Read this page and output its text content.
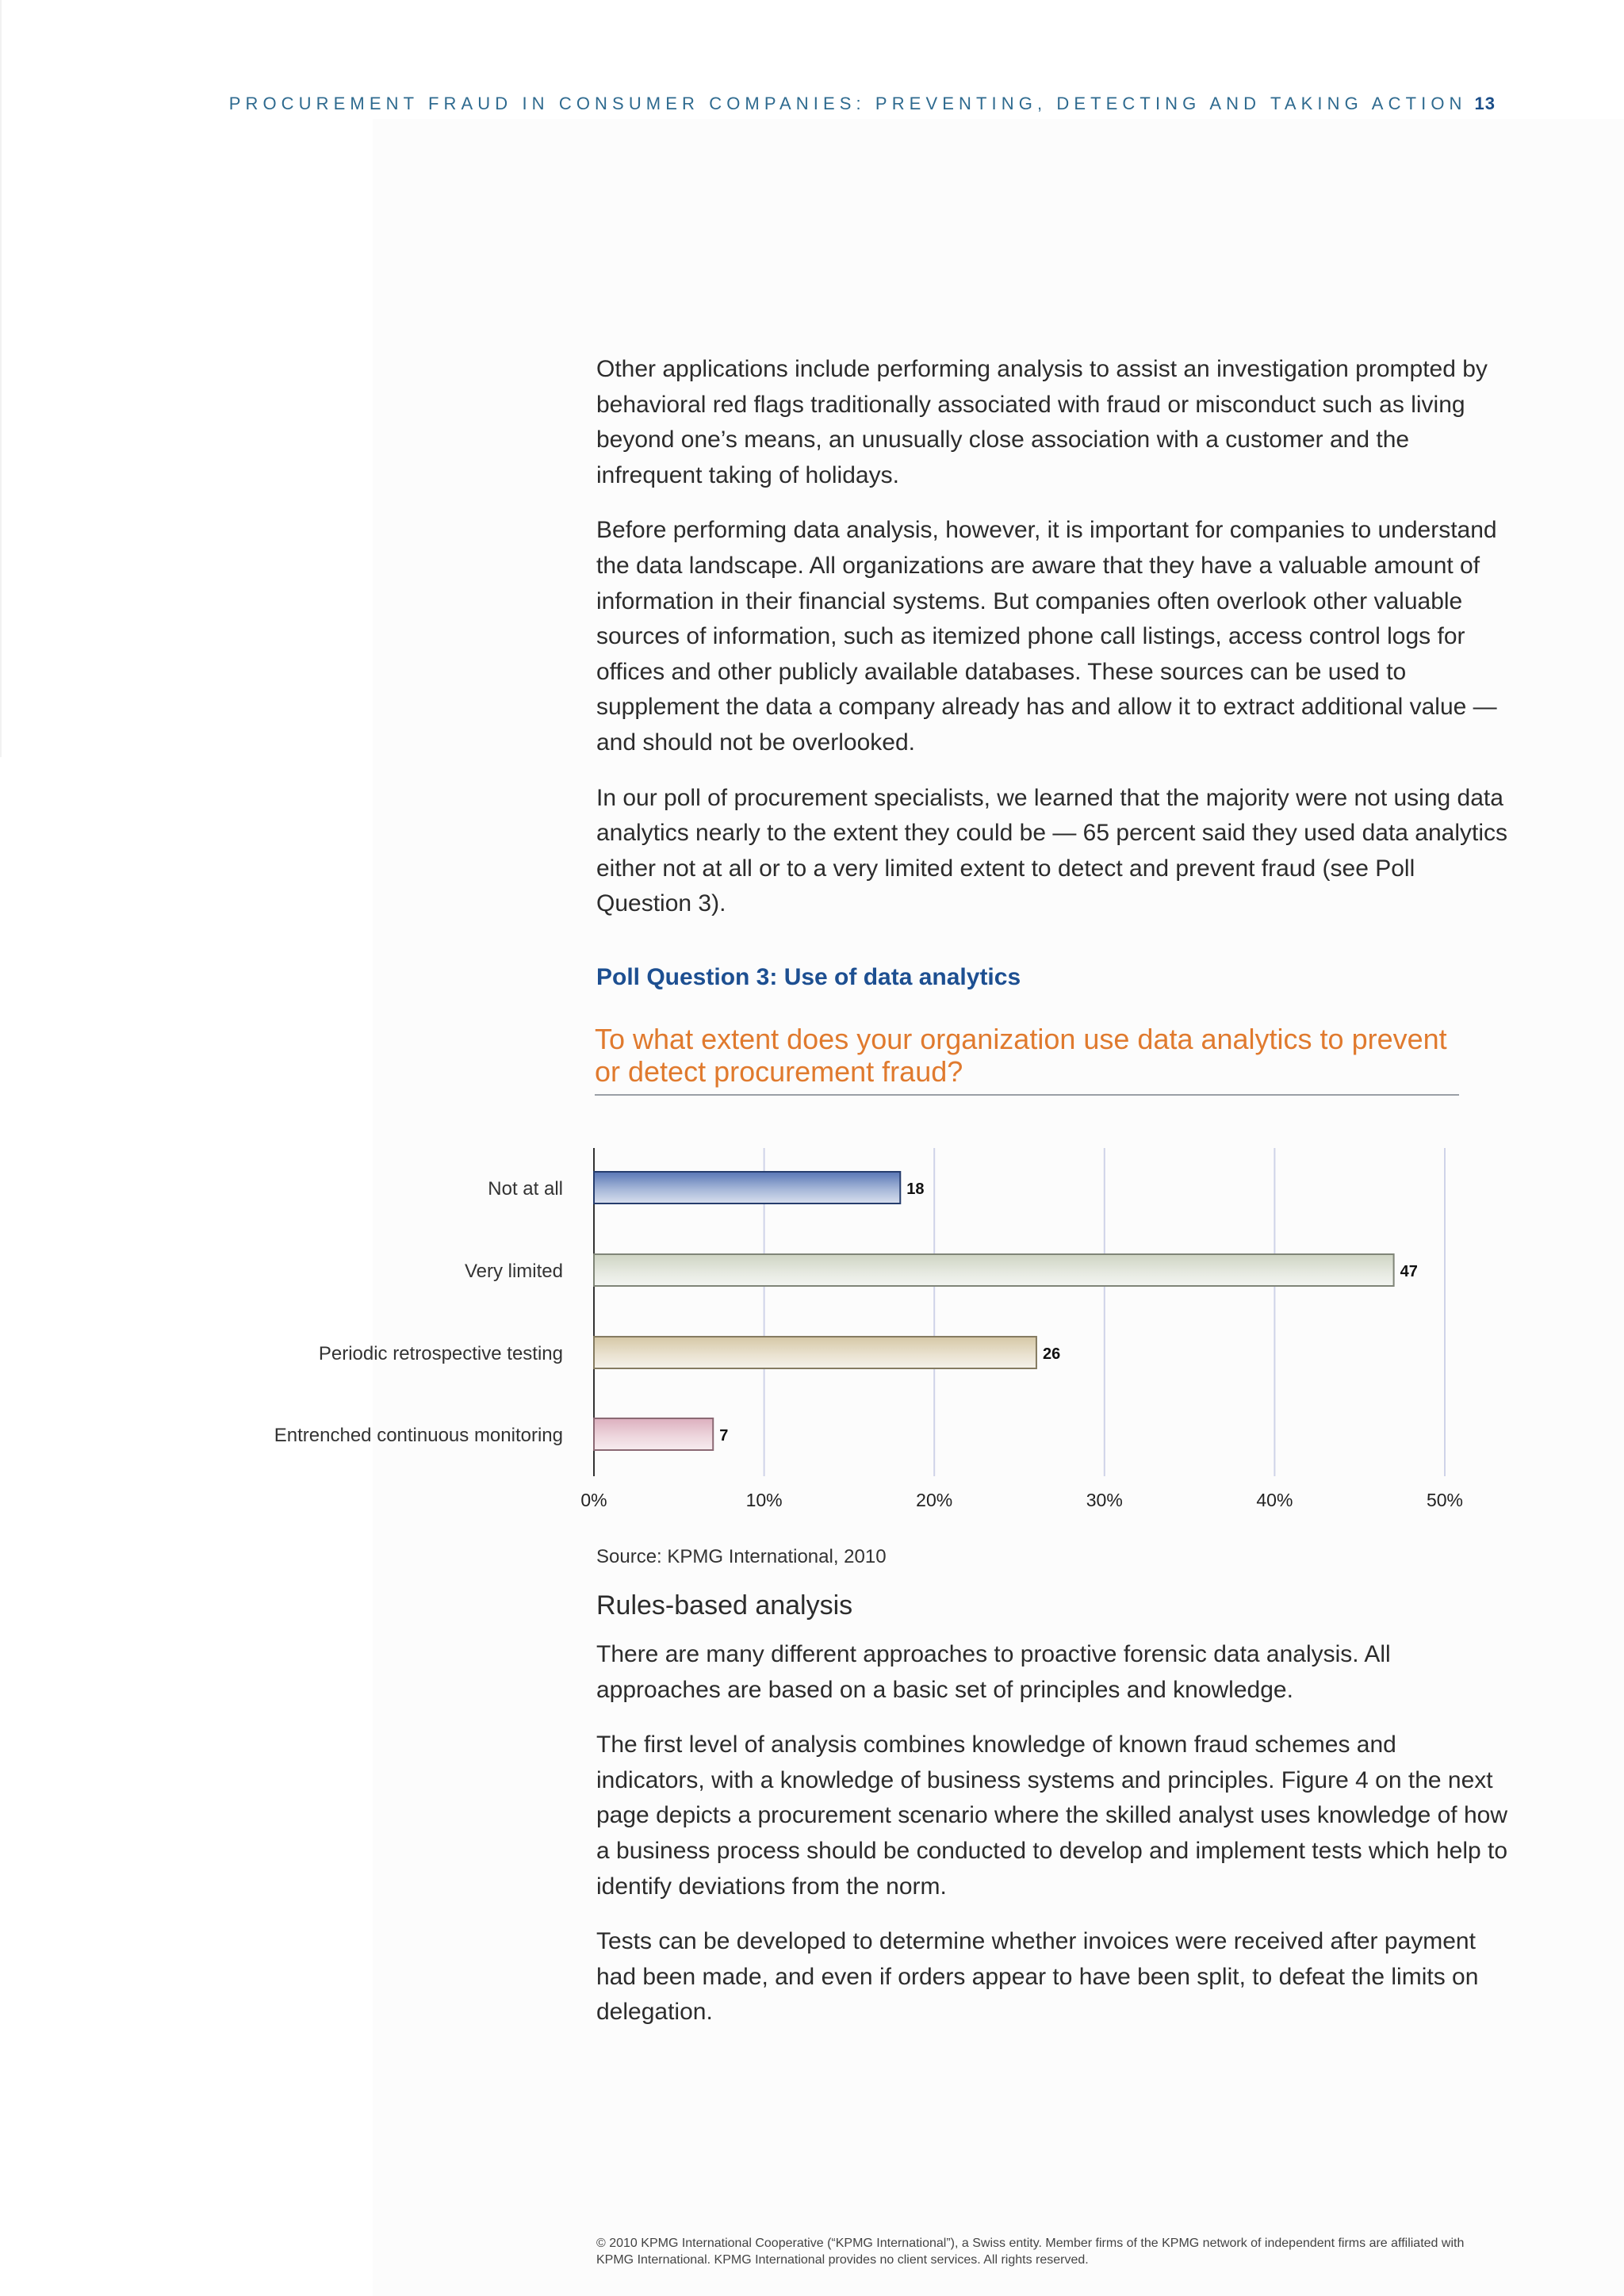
PROCUREMENT FRAUD IN CONSUMER COMPANIES: PREVENTING, DETECTING AND TAKING ACTION 13

Other applications include performing analysis to assist an investigation prompted by behavioral red flags traditionally associated with fraud or misconduct such as living beyond one’s means, an unusually close association with a customer and the infrequent taking of holidays.

Before performing data analysis, however, it is important for companies to understand the data landscape. All organizations are aware that they have a valuable amount of information in their financial systems. But companies often overlook other valuable sources of information, such as itemized phone call listings, access control logs for offices and other publicly available databases. These sources can be used to supplement the data a company already has and allow it to extract additional value — and should not be overlooked.

In our poll of procurement specialists, we learned that the majority were not using data analytics nearly to the extent they could be — 65 percent said they used data analytics either not at all or to a very limited extent to detect and prevent fraud (see Poll Question 3).

Poll Question 3: Use of data analytics
To what extent does your organization use data analytics to prevent or detect procurement fraud?
0%	10%	20%	30%	40%	50%
18
Not at all
47
Very limited
26
Periodic retrospective testing
7
Entrenched continuous monitoring
Source: KPMG International, 2010
Rules-based analysis

There are many different approaches to proactive forensic data analysis. All approaches are based on a basic set of principles and knowledge.

The first level of analysis combines knowledge of known fraud schemes and indicators, with a knowledge of business systems and principles. Figure 4 on the next page depicts a procurement scenario where the skilled analyst uses knowledge of how a business process should be conducted to develop and implement tests which help to identify deviations from the norm.

Tests can be developed to determine whether invoices were received after payment had been made, and even if orders appear to have been split, to defeat the limits on delegation.

© 2010 KPMG International Cooperative (“KPMG International”), a Swiss entity. Member firms of the KPMG network of independent firms are affiliated with KPMG International. KPMG International provides no client services. All rights reserved.
